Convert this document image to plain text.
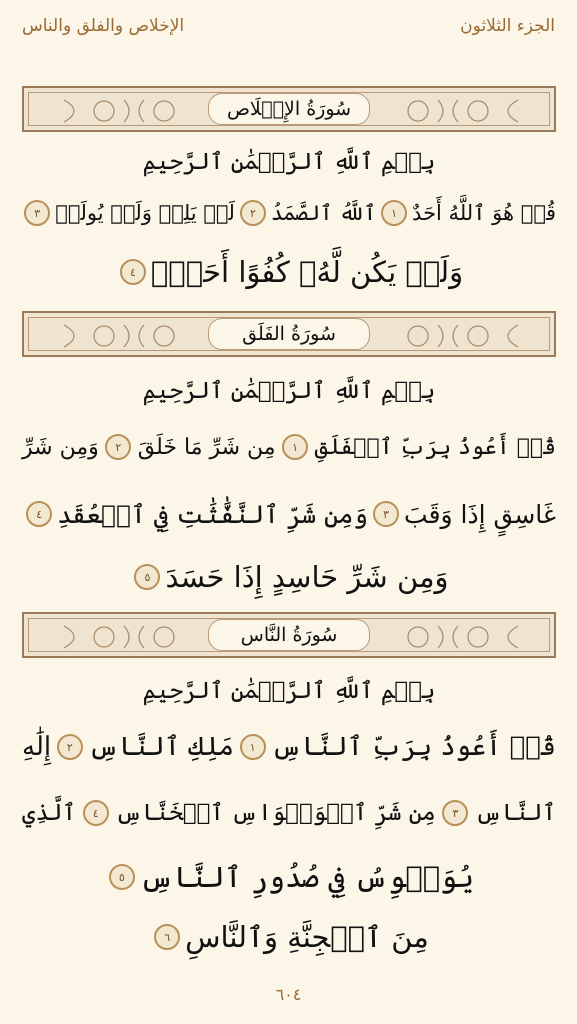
الجزء الثلاثون
الإخلاص والفلق والناس
سُورَةُ الإِخۡلَاص
بِسۡمِ ٱللَّهِ ٱلرَّحۡمَٰنِ ٱلرَّحِيمِ
قُلۡ هُوَ ٱللَّهُ أَحَدٌ
١
ٱللَّهُ ٱلصَّمَدُ
٢
لَمۡ يَلِدۡ وَلَمۡ يُولَدۡ
٣
وَلَمۡ يَكُن لَّهُۥ كُفُوًا أَحَدُۢ
٤
سُورَةُ الفَلَق
بِسۡمِ ٱللَّهِ ٱلرَّحۡمَٰنِ ٱلرَّحِيمِ
قُلۡ أَعُوذُ بِرَبِّ ٱلۡفَلَقِ
١
مِن شَرِّ مَا خَلَقَ
٢
وَمِن شَرِّ
غَاسِقٍ إِذَا وَقَبَ
٣
وَمِن شَرِّ ٱلنَّفَّٰثَٰتِ فِي ٱلۡعُقَدِ
٤
وَمِن شَرِّ حَاسِدٍ إِذَا حَسَدَ
٥
سُورَةُ النَّاس
بِسۡمِ ٱللَّهِ ٱلرَّحۡمَٰنِ ٱلرَّحِيمِ
قُلۡ أَعُوذُ بِرَبِّ ٱلنَّاسِ
١
مَلِكِ ٱلنَّاسِ
٢
إِلَٰهِ
ٱلنَّاسِ
٣
مِن شَرِّ ٱلۡوَسۡوَاسِ ٱلۡخَنَّاسِ
٤
ٱلَّذِي
يُوَسۡوِسُ فِي صُدُورِ ٱلنَّاسِ
٥
مِنَ ٱلۡجِنَّةِ وَٱلنَّاسِ
٦
٦٠٤
